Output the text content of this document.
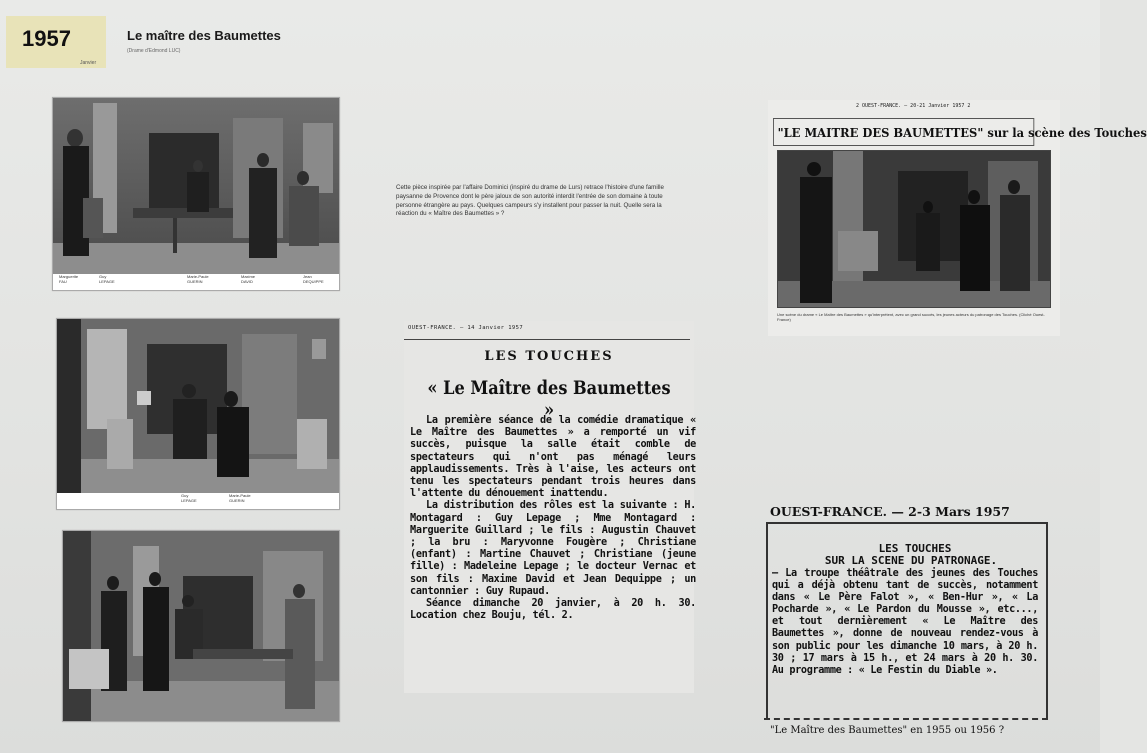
1957
Janvier
Le maître des Baumettes
(Drame d'Edmond LUC)
Marguerite
FAU
Guy
LEPAGE
Marie-Paule
GUERIN
Maxime
DAVID
Jean
DEQUIPPE
Guy
LEPAGE
Marie-Paule
GUERIN
Cette pièce inspirée par l'affaire Dominici (inspiré du drame de Lurs) retrace l'histoire d'une famille paysanne de Provence dont le père jaloux de son autorité interdit l'entrée de son domaine à toute personne étrangère au pays. Quelques campeurs s'y installent pour passer la nuit. Quelle sera la réaction du « Maître des Baumettes » ?
OUEST-FRANCE. — 14 Janvier 1957
LES TOUCHES
« Le Maître des Baumettes »

La première séance de la comédie dramatique « Le Maître des Baumettes » a remporté un vif succès, puisque la salle était comble de spectateurs qui n'ont pas ménagé leurs applaudissements. Très à l'aise, les acteurs ont tenu les spectateurs pendant trois heures dans l'attente du dénouement inattendu.

La distribution des rôles est la suivante : H. Montagard : Guy Lepage ; Mme Montagard : Marguerite Guillard ; le fils : Augustin Chauvet ; la bru : Maryvonne Fougère ; Christiane (enfant) : Martine Chauvet ; Christiane (jeune fille) : Madeleine Lepage ; le docteur Vernac et son fils : Maxime David et Jean Dequippe ; un cantonnier : Guy Rupaud.

Séance dimanche 20 janvier, à 20 h. 30. Location chez Bouju, tél. 2.

2 OUEST-FRANCE. — 20-21 Janvier 1957 2
"LE MAITRE DES BAUMETTES" sur la scène des Touches
Une scène du drame « Le Maître des Baumettes » qu'interprètent, avec un grand succès, les jeunes acteurs du patronage des Touches. (Cliché Ouest-France)
OUEST-FRANCE. — 2-3 Mars 1957
LES TOUCHES
SUR LA SCENE DU PATRONAGE.
— La troupe théâtrale des jeunes des Touches qui a déjà obtenu tant de succès, notamment dans « Le Père Falot », « Ben-Hur », « La Pocharde », « Le Pardon du Mousse », etc..., et tout dernièrement « Le Maître des Baumettes », donne de nouveau rendez-vous à son public pour les dimanche 10 mars, à 20 h. 30 ; 17 mars à 15 h., et 24 mars à 20 h. 30. Au programme : « Le Festin du Diable ».
"Le Maître des Baumettes" en 1955 ou 1956 ?
